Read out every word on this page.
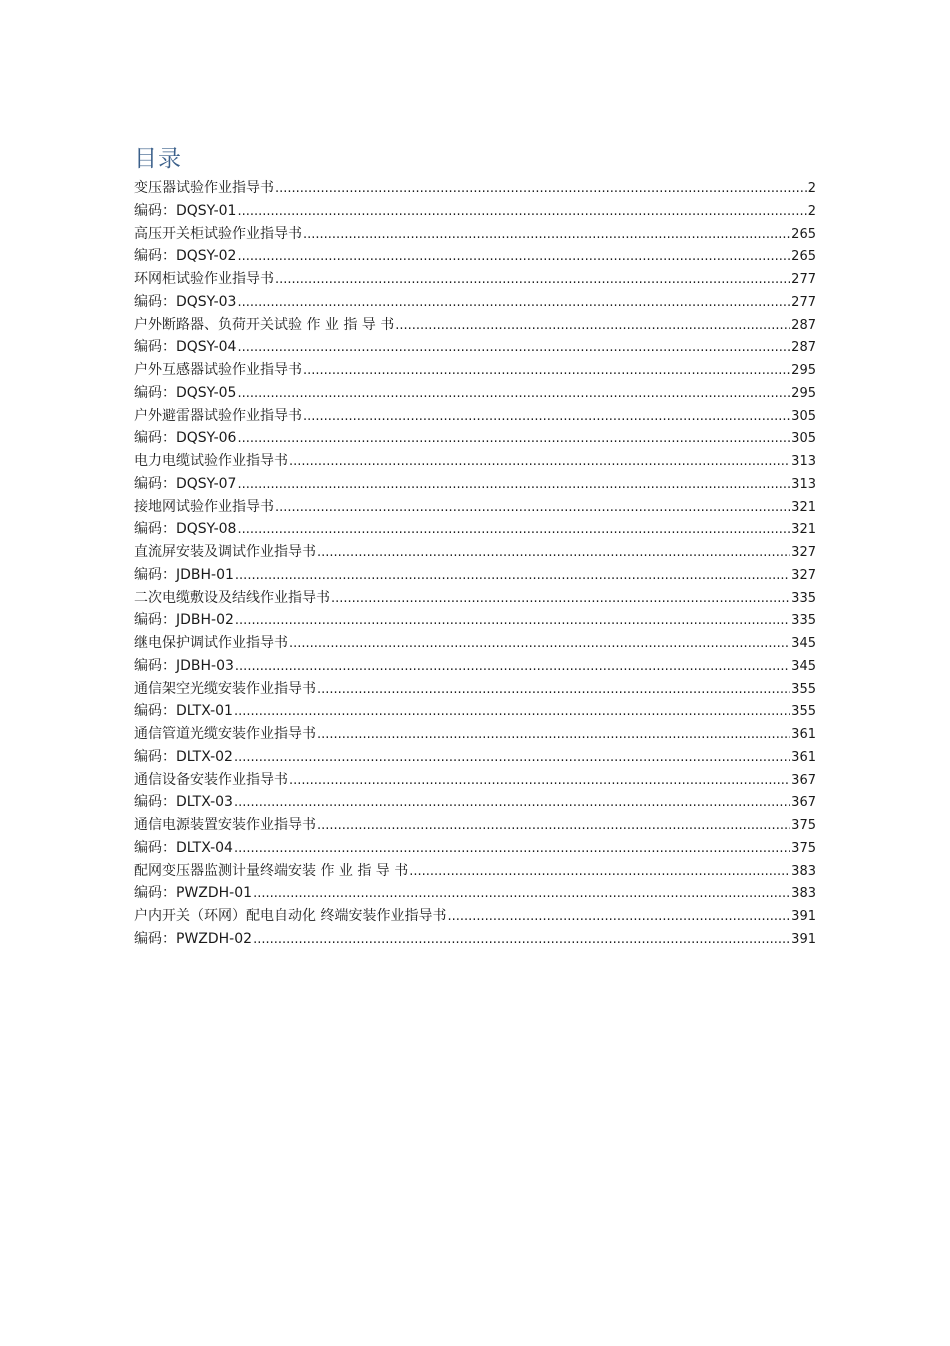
目录
变压器试验作业指导书 .....	2
编码：DQSY-01 .....	2
高压开关柜试验作业指导书 .....	265
编码：DQSY-02 .....	265
环网柜试验作业指导书 .....	277
编码：DQSY-03 .....	277
户外断路器、负荷开关试验 作 业 指 导 书 .....	287
编码：DQSY-04 .....	287
户外互感器试验作业指导书 .....	295
编码：DQSY-05 .....	295
户外避雷器试验作业指导书 .....	305
编码：DQSY-06 .....	305
电力电缆试验作业指导书 .....	313
编码：DQSY-07 .....	313
接地网试验作业指导书 .....	321
编码：DQSY-08 .....	321
直流屏安装及调试作业指导书 .....	327
编码：JDBH-01 .....	327
二次电缆敷设及结线作业指导书 .....	335
编码：JDBH-02 .....	335
继电保护调试作业指导书 .....	345
编码：JDBH-03 .....	345
通信架空光缆安装作业指导书 .....	355
编码：DLTX-01 .....	355
通信管道光缆安装作业指导书 .....	361
编码：DLTX-02 .....	361
通信设备安装作业指导书 .....	367
编码：DLTX-03 .....	367
通信电源装置安装作业指导书 .....	375
编码：DLTX-04 .....	375
配网变压器监测计量终端安装 作 业 指 导 书 .....	383
编码：PWZDH-01 .....	383
户内开关（环网）配电自动化 终端安装作业指导书 .....	391
编码：PWZDH-02 .....	391
